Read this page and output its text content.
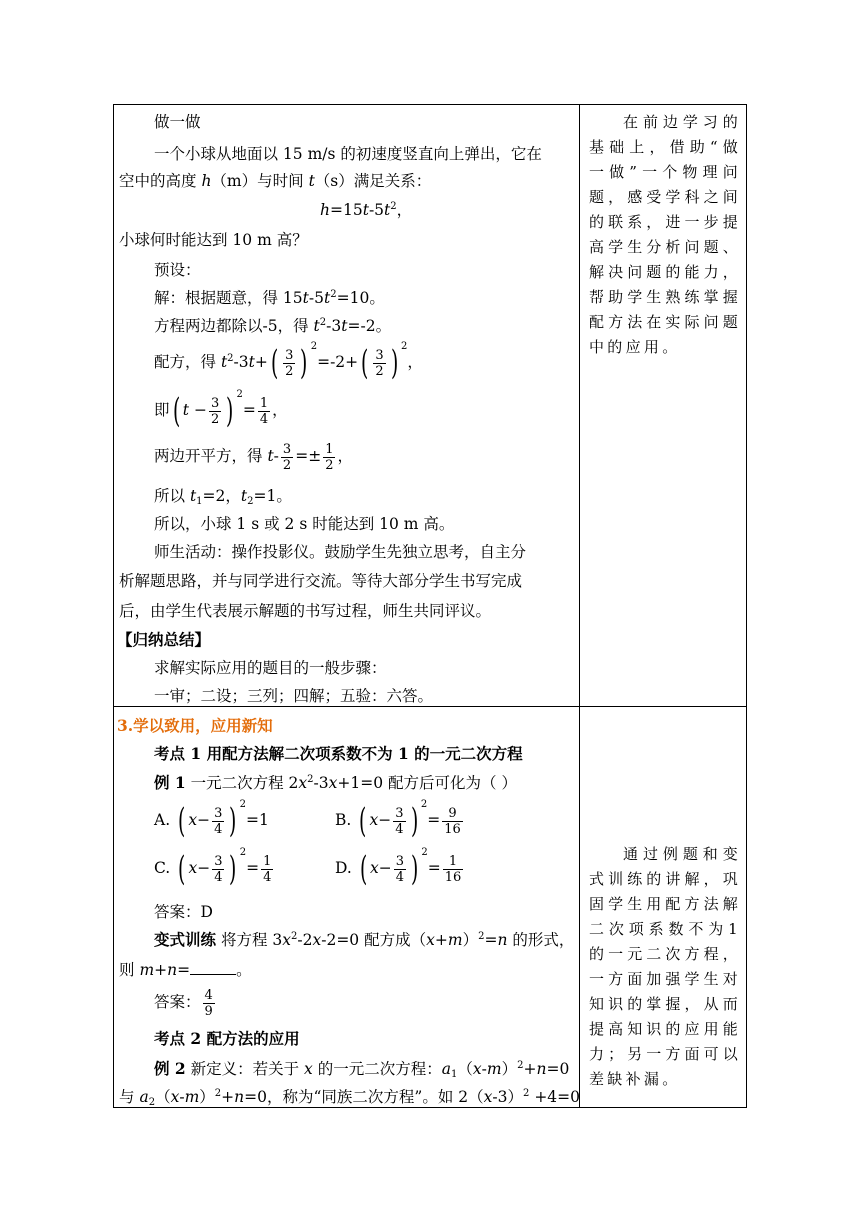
做一做
一个小球从地面以 15 m/s 的初速度竖直向上弹出，它在
空中的高度 h（m）与时间 t（s）满足关系：
$h=15t-5t^2$，
小球何时能达到 10 m 高？
预设：
解：根据题意，得 $15t-5t^2=10$。
方程两边都除以-5，得 $t^2-3t=-2$。
配方，得 $t^2-3t+( \frac{3}{2}$ ) $2=-2+( \frac{3}{2}$ ) 2，
即( $t - \frac{3}{2}$ ) $2= \frac{1}{4}$ ，
两边开平方，得 $t- \frac{3}{2} =\pm \frac{1}{2}$ ，
所以 $t_1=2$，$t_2=1$。
所以，小球 1 s 或 2 s 时能达到 10 m 高。
师生活动：操作投影仪。鼓励学生先独立思考，自主分
析解题思路，并与同学进行交流。等待大部分学生书写完成
后，由学生代表展示解题的书写过程，师生共同评议。
【归纳总结】
求解实际应用的题目的一般步骤：
一审；二设；三列；四解；五验：六答。
在前边学习的基础上，借助“做一做”一个物理问题，感受学科之间的联系，进一步提高学生分析问题、解决问题的能力，帮助学生熟练掌握配方法在实际问题中的应用。
3.学以致用，应用新知
考点 1 用配方法解二次项系数不为 1 的一元二次方程
例 1 一元二次方程 $2x^2-3x+1=0$ 配方后可化为（ ）
A. ( $x- \frac{3}{4}$ ) 2=1	B. ( $x- \frac{3}{4}$ ) $2= \frac{9}{16}$
C. ( $x- \frac{3}{4}$ ) $2= \frac{1}{4}$	D. ( $x- \frac{3}{4}$ ) $2= \frac{1}{16}$
答案：D
变式训练 将方程 $3x^2-2x-2=0$ 配方成$(x+m)^2=n$ 的形式，
则 m+n=	。
答案： $\frac{4}{9}$
考点 2 配方法的应用
例 2 新定义：若关于 x 的一元二次方程：$a_1(x-m)^2+n=0$
与 $a_2(x-m)^2+n=0$，称为“同族二次方程”。如 $2(x-3)^2 +4=0$
通过例题和变式训练的讲解，巩固学生用配方法解二次项系数不为1的一元二次方程，一方面加强学生对知识的掌握，从而提高知识的应用能力；另一方面可以差缺补漏。
